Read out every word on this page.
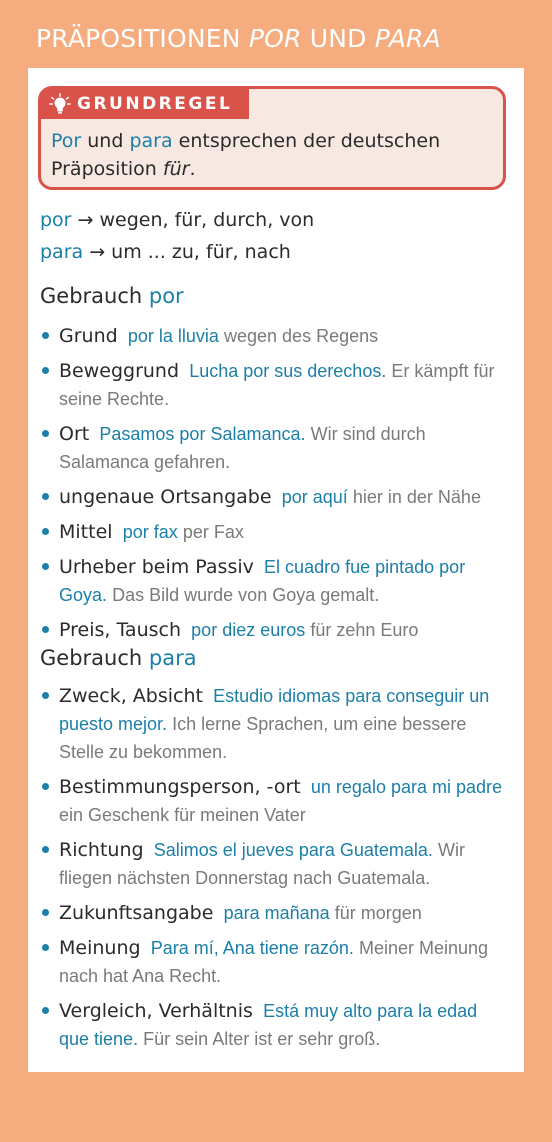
PRÄPOSITIONEN POR UND PARA
GRUNDREGEL
Por und para entsprechen der deutschen
Präposition für.
por → wegen, für, durch, von
para → um ... zu, für, nach
Gebrauch por
Grund por la lluvia wegen des Regens
Beweggrund Lucha por sus derechos. Er kämpft für seine Rechte.
Ort Pasamos por Salamanca. Wir sind durch Salamanca gefahren.
ungenaue Ortsangabe por aquí hier in der Nähe
Mittel por fax per Fax
Urheber beim Passiv El cuadro fue pintado por Goya. Das Bild wurde von Goya gemalt.
Preis, Tausch por diez euros für zehn Euro
Gebrauch para
Zweck, Absicht Estudio idiomas para conseguir un puesto mejor. Ich lerne Sprachen, um eine bessere Stelle zu bekommen.
Bestimmungsperson, -ort un regalo para mi padre ein Geschenk für meinen Vater
Richtung Salimos el jueves para Guatemala. Wir fliegen nächsten Donnerstag nach Guatemala.
Zukunftsangabe para mañana für morgen
Meinung Para mí, Ana tiene razón. Meiner Meinung nach hat Ana Recht.
Vergleich, Verhältnis Está muy alto para la edad que tiene. Für sein Alter ist er sehr groß.
